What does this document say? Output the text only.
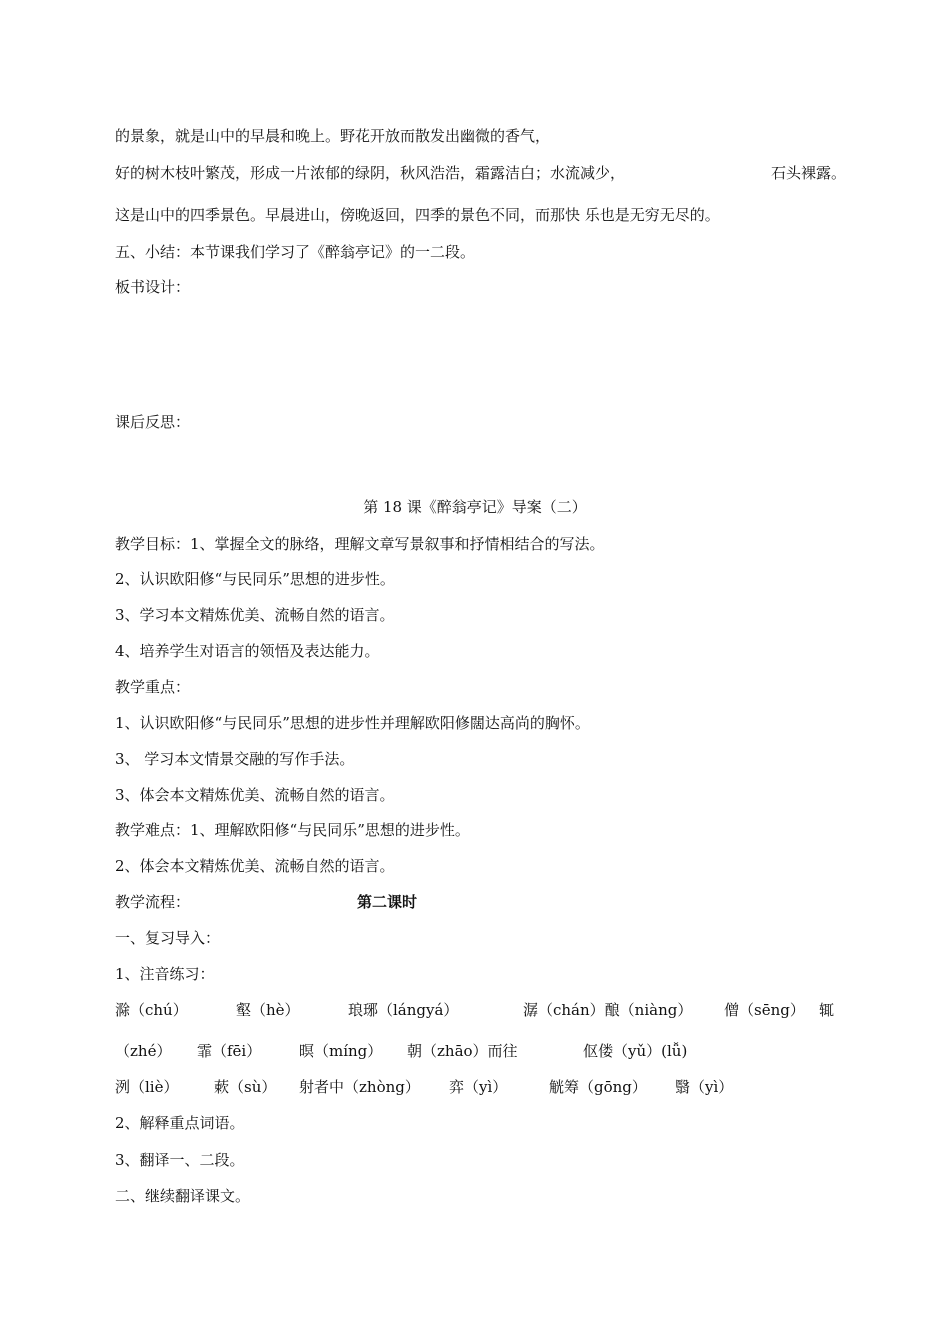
的景象，就是山中的早晨和晚上。野花开放而散发出幽微的香气，
好的树木枝叶繁茂，形成一片浓郁的绿阴，秋风浩浩，霜露洁白；水流减少，	石头裸露。
这是山中的四季景色。早晨进山，傍晚返回，四季的景色不同，而那快 乐也是无穷无尽的。
五、小结：本节课我们学习了《醉翁亭记》的一二段。
板书设计：
课后反思：
第 18 课《醉翁亭记》导案（二）
教学目标：1、掌握全文的脉络，理解文章写景叙事和抒情相结合的写法。
2、认识欧阳修“与民同乐”思想的进步性。
3、学习本文精炼优美、流畅自然的语言。
4、培养学生对语言的领悟及表达能力。
教学重点：
1、认识欧阳修“与民同乐”思想的进步性并理解欧阳修闊达高尚的胸怀。
3、 学习本文情景交融的写作手法。
3、体会本文精炼优美、流畅自然的语言。
教学难点：1、理解欧阳修“与民同乐”思想的进步性。
2、体会本文精炼优美、流畅自然的语言。
教学流程：	第二课时
一、复习导入：
1、注音练习：
滁（chú）	壑（hè）	琅琊（lángyá）	潺（chán）酿（niàng） 僧（sēng） 辄
（zhé） 霏（fēi）	暝（míng） 朝（zhāo）而往	伛偻（yǔ）(lǚ)
洌（liè） 蔌（sù） 射者中（zhòng） 弈（yì）	觥筹（gōng） 翳（yì）
2、解释重点词语。
3、翻译一、二段。
二、继续翻译课文。
